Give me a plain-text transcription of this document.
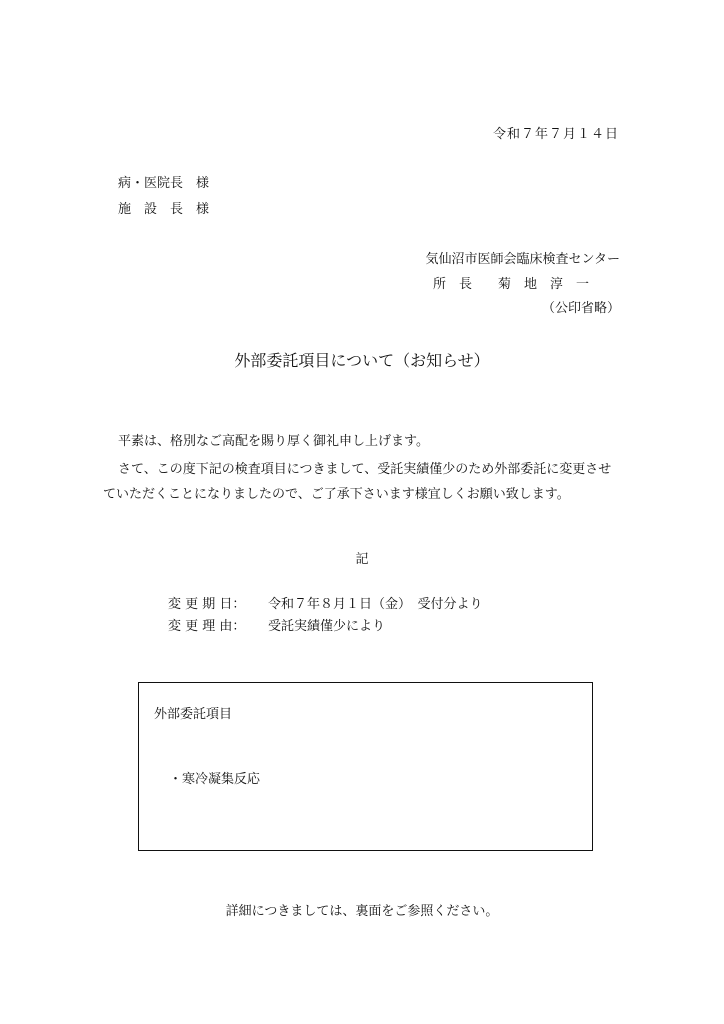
令和７年７月１４日
病・医院長　様
施　設　長　様
気仙沼市医師会臨床検査センター
所　長　　菊　地　淳　一
（公印省略）
外部委託項目について（お知らせ）
平素は、格別なご高配を賜り厚く御礼申し上げます。
さて、この度下記の検査項目につきまして、受託実績僅少のため外部委託に変更させ
ていただくことになりましたので、ご了承下さいます様宜しくお願い致します。
記
変 更 期 日： 令和７年８月１日（金）　受付分より
変 更 理 由： 受託実績僅少により
外部委託項目
・寒冷凝集反応
詳細につきましては、裏面をご参照ください。
